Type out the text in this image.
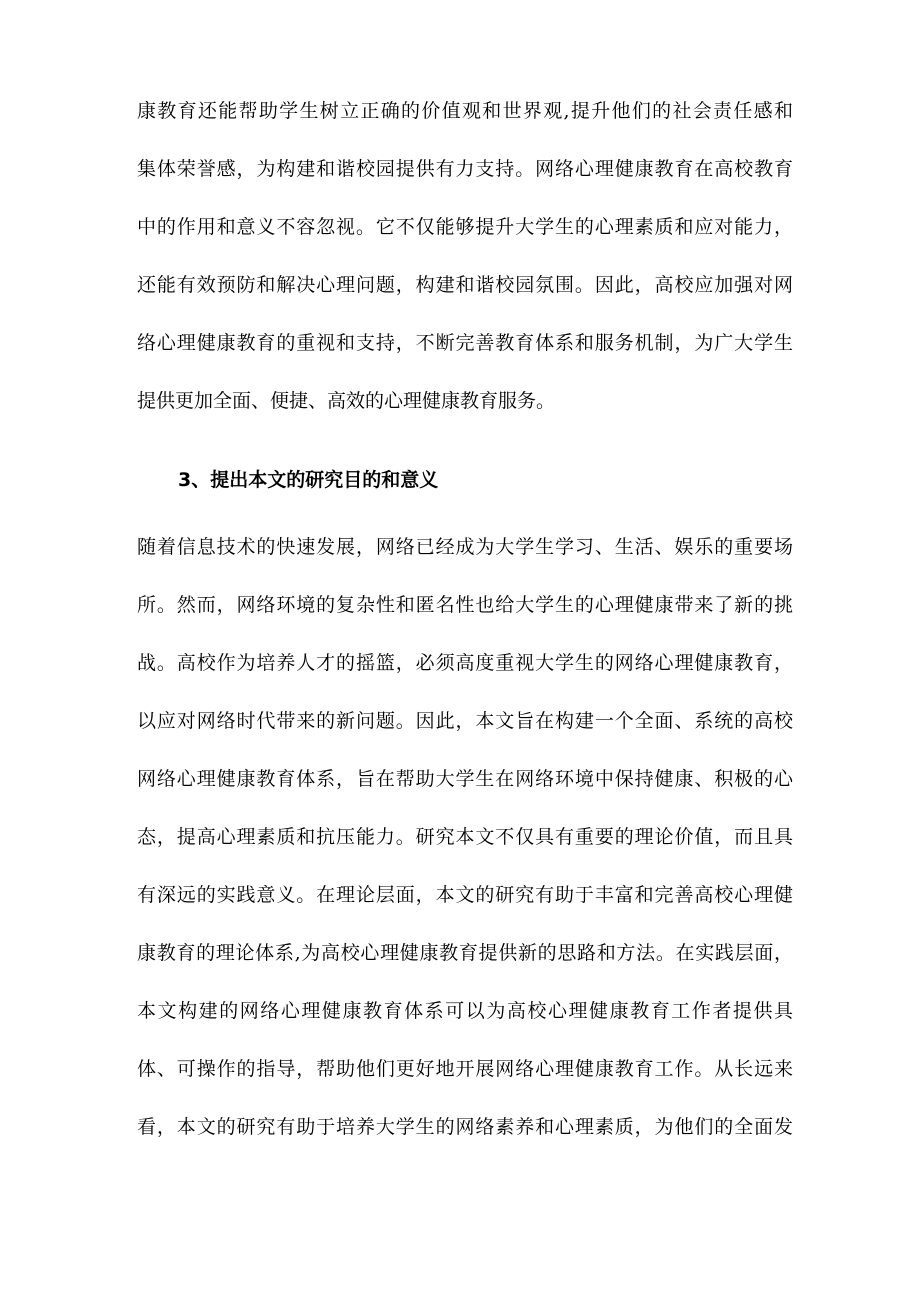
康教育还能帮助学生树立正确的价值观和世界观,提升他们的社会责任感和
集体荣誉感，为构建和谐校园提供有力支持。网络心理健康教育在高校教育
中的作用和意义不容忽视。它不仅能够提升大学生的心理素质和应对能力，
还能有效预防和解决心理问题，构建和谐校园氛围。因此，高校应加强对网
络心理健康教育的重视和支持，不断完善教育体系和服务机制，为广大学生
提供更加全面、便捷、高效的心理健康教育服务。
3、提出本文的研究目的和意义
随着信息技术的快速发展，网络已经成为大学生学习、生活、娱乐的重要场
所。然而，网络环境的复杂性和匿名性也给大学生的心理健康带来了新的挑
战。高校作为培养人才的摇篮，必须高度重视大学生的网络心理健康教育，
以应对网络时代带来的新问题。因此，本文旨在构建一个全面、系统的高校
网络心理健康教育体系，旨在帮助大学生在网络环境中保持健康、积极的心
态，提高心理素质和抗压能力。研究本文不仅具有重要的理论价值，而且具
有深远的实践意义。在理论层面，本文的研究有助于丰富和完善高校心理健
康教育的理论体系,为高校心理健康教育提供新的思路和方法。在实践层面，
本文构建的网络心理健康教育体系可以为高校心理健康教育工作者提供具
体、可操作的指导，帮助他们更好地开展网络心理健康教育工作。从长远来
看，本文的研究有助于培养大学生的网络素养和心理素质，为他们的全面发
